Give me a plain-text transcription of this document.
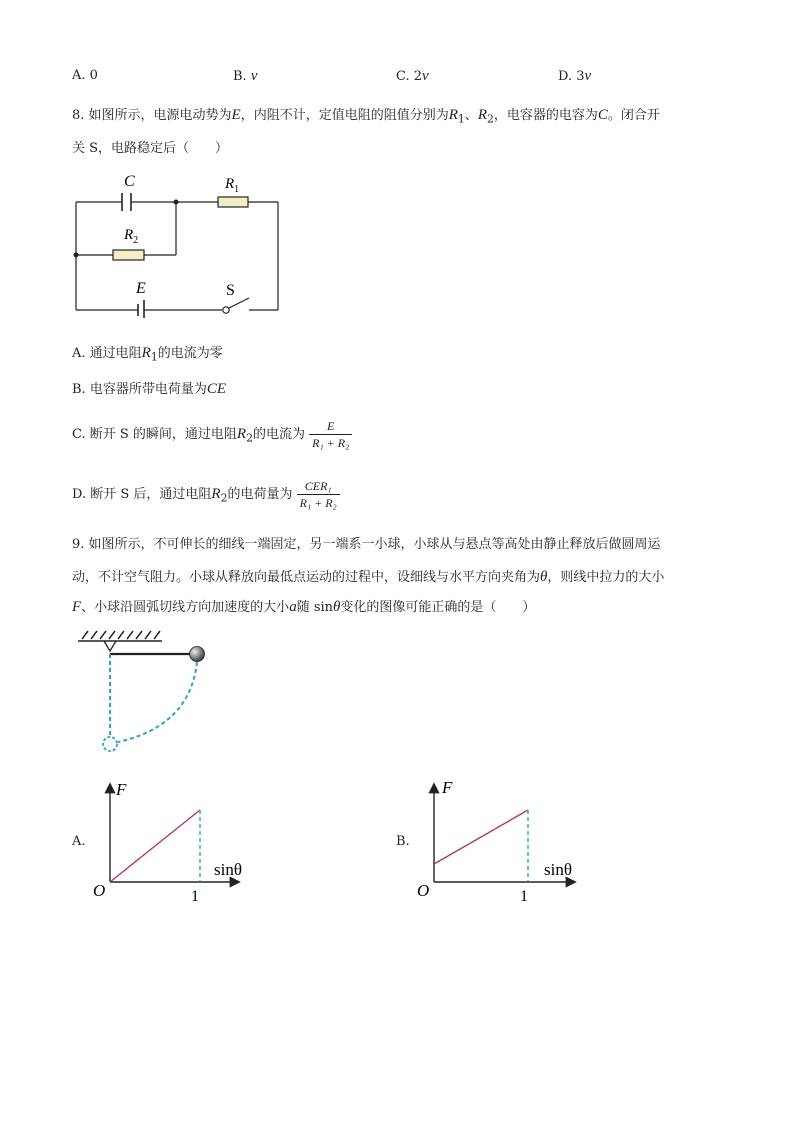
A. 0	B. v	C. 2v	D. 3v
8. 如图所示，电源电动势为E，内阻不计，定值电阻的阻值分别为$R_1$、$R_2$，电容器的电容为C。闭合开
关 S，电路稳定后（　　）
C	$R_1$
$R_2$
E	S
A. 通过电阻$R_1$的电流为零
B. 电容器所带电荷量为CE
C. 断开 S 的瞬间，通过电阻$R_2$的电流为 $\frac{E}{\text{R₁ + R₂}}$
D. 断开 S 后，通过电阻$R_2$的电荷量为 $\frac{\text{CER₁}}{\text{R₁ + R₂}}$
9. 如图所示，不可伸长的细线一端固定，另一端系一小球，小球从与悬点等高处由静止释放后做圆周运
动，不计空气阻力。小球从释放向最低点运动的过程中，设细线与水平方向夹角为θ，则线中拉力的大小
F、小球沿圆弧切线方向加速度的大小a随 sinθ变化的图像可能正确的是（　　）
A.
F
sinθ
O	1
B.
F
sinθ
O	1
